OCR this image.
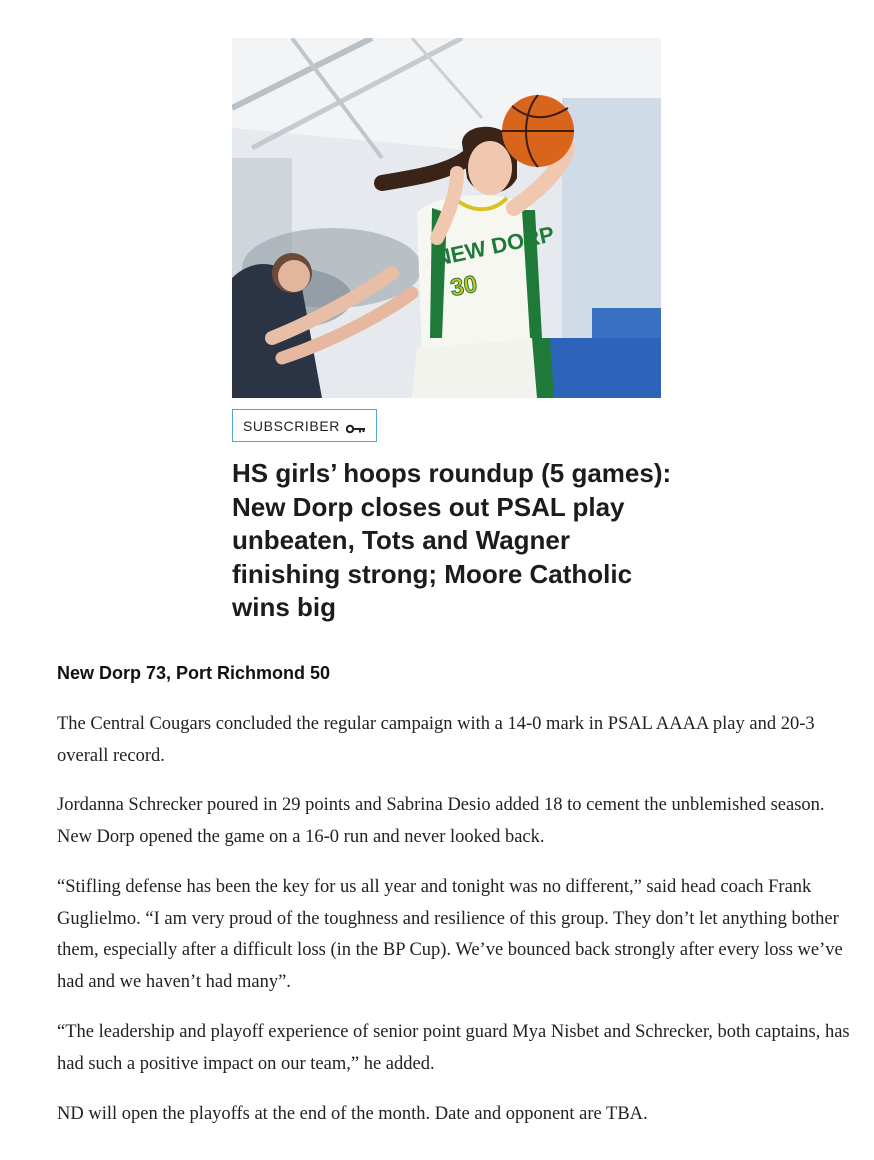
NEW DORP
30
SUBSCRIBER
HS girls’ hoops roundup (5 games): New Dorp closes out PSAL play unbeaten, Tots and Wagner finishing strong; Moore Catholic wins big
New Dorp 73, Port Richmond 50

The Central Cougars concluded the regular campaign with a 14-0 mark in PSAL AAAA play and 20-3 overall record.

Jordanna Schrecker poured in 29 points and Sabrina Desio added 18 to cement the unblemished season. New Dorp opened the game on a 16-0 run and never looked back.

“Stifling defense has been the key for us all year and tonight was no different,” said head coach Frank Guglielmo. “I am very proud of the toughness and resilience of this group. They don’t let anything bother them, especially after a difficult loss (in the BP Cup). We’ve bounced back strongly after every loss we’ve had and we haven’t had many”.

“The leadership and playoff experience of senior point guard Mya Nisbet and Schrecker, both captains, has had such a positive impact on our team,” he added.

ND will open the playoffs at the end of the month. Date and opponent are TBA.
